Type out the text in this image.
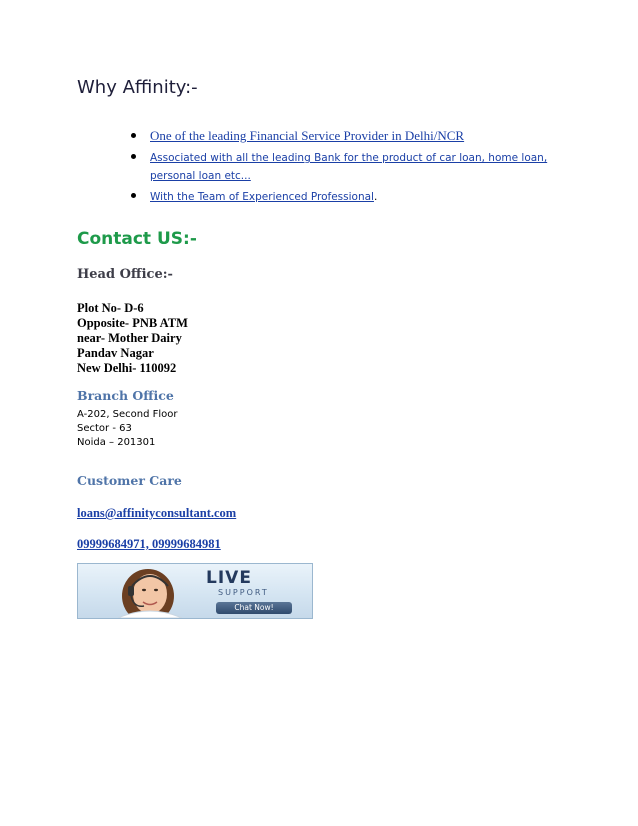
Why Affinity:-
One of the leading Financial Service Provider in Delhi/NCR
Associated with all the leading Bank for the product of car loan, home loan, personal loan etc...
With the Team of Experienced Professional.
Contact US:-
Head Office:-
Plot No- D-6
Opposite- PNB ATM
near- Mother Dairy
Pandav Nagar
New Delhi- 110092
Branch Office
A-202, Second Floor
Sector - 63
Noida – 201301
Customer Care
loans@affinityconsultant.com
09999684971, 09999684981
LIVE
SUPPORT
Chat Now!
